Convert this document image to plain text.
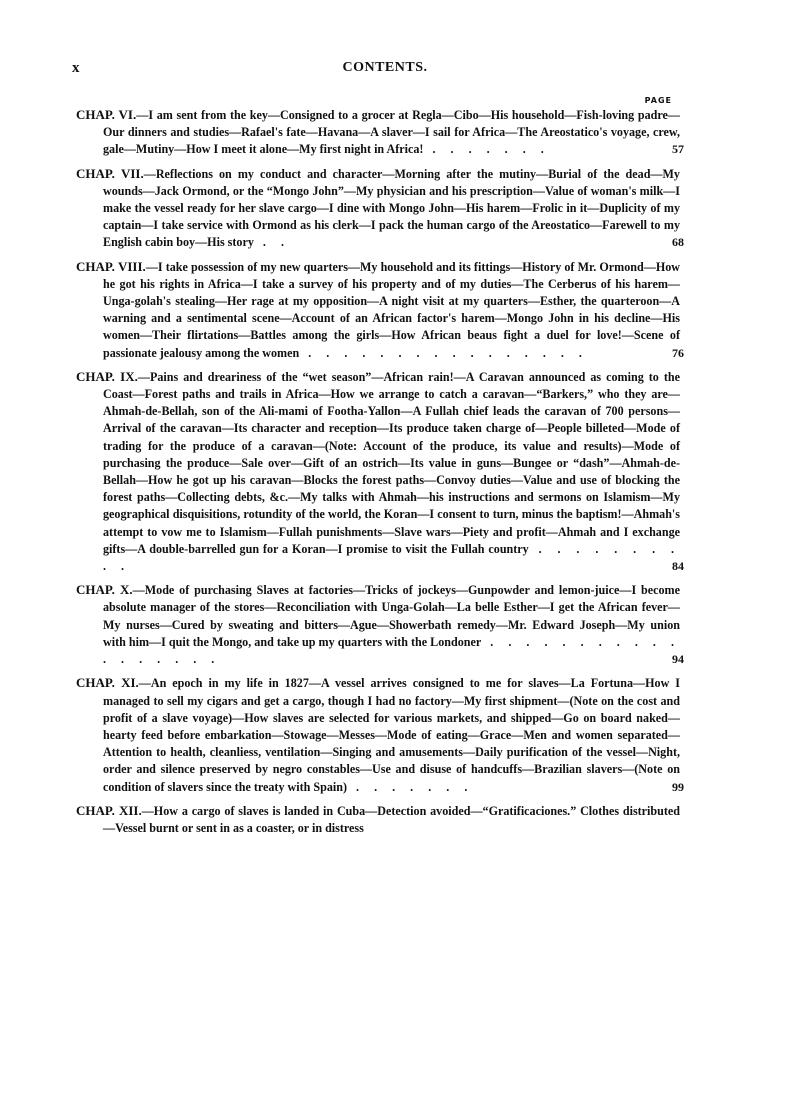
x	CONTENTS.
PAGE
CHAP. VI.—I am sent from the key—Consigned to a grocer at Regla—Cibo—His household—Fish-loving padre—Our dinners and studies—Rafael's fate—Havana—A slaver—I sail for Africa—The Areostatico's voyage, crew, gale—Mutiny—How I meet it alone—My first night in Africa! . . . . . . .	57
CHAP. VII.—Reflections on my conduct and character—Morning after the mutiny—Burial of the dead—My wounds—Jack Ormond, or the “Mongo John”—My physician and his prescription—Value of woman's milk—I make the vessel ready for her slave cargo—I dine with Mongo John—His harem—Frolic in it—Duplicity of my captain—I take service with Ormond as his clerk—I pack the human cargo of the Areostatico—Farewell to my English cabin boy—His story . .	68
CHAP. VIII.—I take possession of my new quarters—My household and its fittings—History of Mr. Ormond—How he got his rights in Africa—I take a survey of his property and of my duties—The Cerberus of his harem—Unga-golah's stealing—Her rage at my opposition—A night visit at my quarters—Esther, the quarteroon—A warning and a sentimental scene—Account of an African factor's harem—Mongo John in his decline—His women—Their flirtations—Battles among the girls—How African beaus fight a duel for love!—Scene of passionate jealousy among the women . . . . . . . . . . . . . . . .	76
CHAP. IX.—Pains and dreariness of the “wet season”—African rain!—A Caravan announced as coming to the Coast—Forest paths and trails in Africa—How we arrange to catch a caravan—“Barkers,” who they are—Ahmah-de-Bellah, son of the Ali-mami of Footha-Yallon—A Fullah chief leads the caravan of 700 persons—Arrival of the caravan—Its character and reception—Its produce taken charge of—People billeted—Mode of trading for the produce of a caravan—(Note: Account of the produce, its value and results)—Mode of purchasing the produce—Sale over—Gift of an ostrich—Its value in guns—Bungee or “dash”—Ahmah-de-Bellah—How he got up his caravan—Blocks the forest paths—Convoy duties—Value and use of blocking the forest paths—Collecting debts, &c.—My talks with Ahmah—his instructions and sermons on Islamism—My geographical disquisitions, rotundity of the world, the Koran—I consent to turn, minus the baptism!—Ahmah's attempt to vow me to Islamism—Fullah punishments—Slave wars—Piety and profit—Ahmah and I exchange gifts—A double-barrelled gun for a Koran—I promise to visit the Fullah country . . . . . . . . . .	84
CHAP. X.—Mode of purchasing Slaves at factories—Tricks of jockeys—Gunpowder and lemon-juice—I become absolute manager of the stores—Reconciliation with Unga-Golah—La belle Esther—I get the African fever—My nurses—Cured by sweating and bitters—Ague—Showerbath remedy—Mr. Edward Joseph—My union with him—I quit the Mongo, and take up my quarters with the Londoner . . . . . . . . . . . . . . . . . .	94
CHAP. XI.—An epoch in my life in 1827—A vessel arrives consigned to me for slaves—La Fortuna—How I managed to sell my cigars and get a cargo, though I had no factory—My first shipment—(Note on the cost and profit of a slave voyage)—How slaves are selected for various markets, and shipped—Go on board naked—hearty feed before embarkation—Stowage—Messes—Mode of eating—Grace—Men and women separated—Attention to health, cleanliess, ventilation—Singing and amusements—Daily purification of the vessel—Night, order and silence preserved by negro constables—Use and disuse of handcuffs—Brazilian slavers—(Note on condition of slavers since the treaty with Spain) . . . . . . .	99
CHAP. XII.—How a cargo of slaves is landed in Cuba—Detection avoided—“Gratificaciones.” Clothes distributed—Vessel burnt or sent in as a coaster, or in distress
